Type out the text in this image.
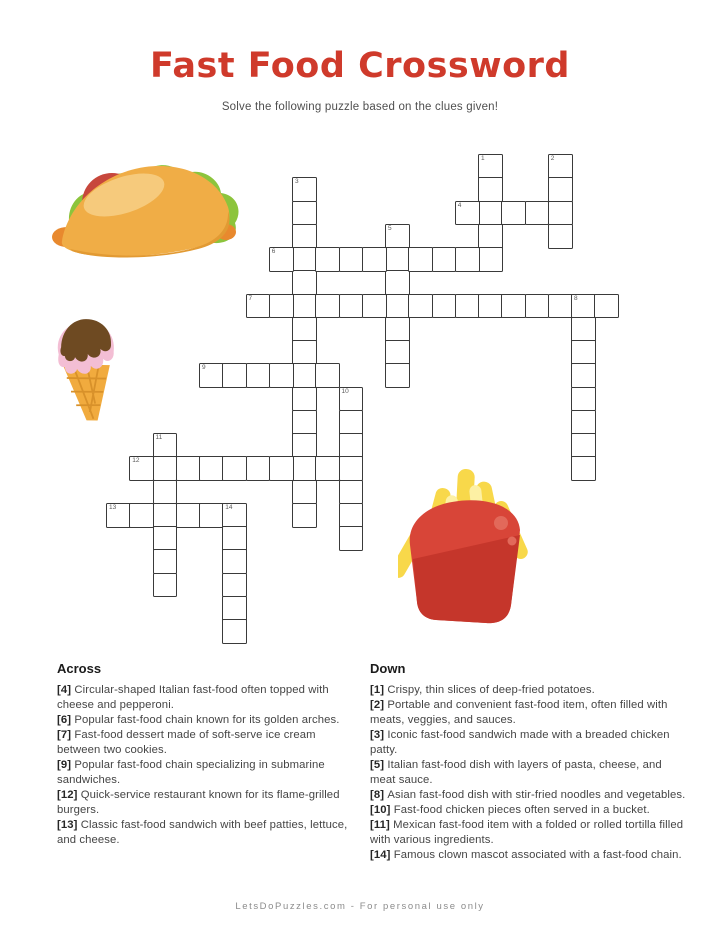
Fast Food Crossword
Solve the following puzzle based on the clues given!
1	2
3
4
5
6
7	8
9
10
11
12
13	14
Across

[4] Circular-shaped Italian fast-food often topped with cheese and pepperoni.

[6] Popular fast-food chain known for its golden arches.

[7] Fast-food dessert made of soft-serve ice cream between two cookies.

[9] Popular fast-food chain specializing in submarine sandwiches.

[12] Quick-service restaurant known for its flame-grilled burgers.

[13] Classic fast-food sandwich with beef patties, lettuce, and cheese.

Down

[1] Crispy, thin slices of deep-fried potatoes.

[2] Portable and convenient fast-food item, often filled with meats, veggies, and sauces.

[3] Iconic fast-food sandwich made with a breaded chicken patty.

[5] Italian fast-food dish with layers of pasta, cheese, and meat sauce.

[8] Asian fast-food dish with stir-fried noodles and vegetables.

[10] Fast-food chicken pieces often served in a bucket.

[11] Mexican fast-food item with a folded or rolled tortilla filled with various ingredients.

[14] Famous clown mascot associated with a fast-food chain.

LetsDoPuzzles.com - For personal use only
